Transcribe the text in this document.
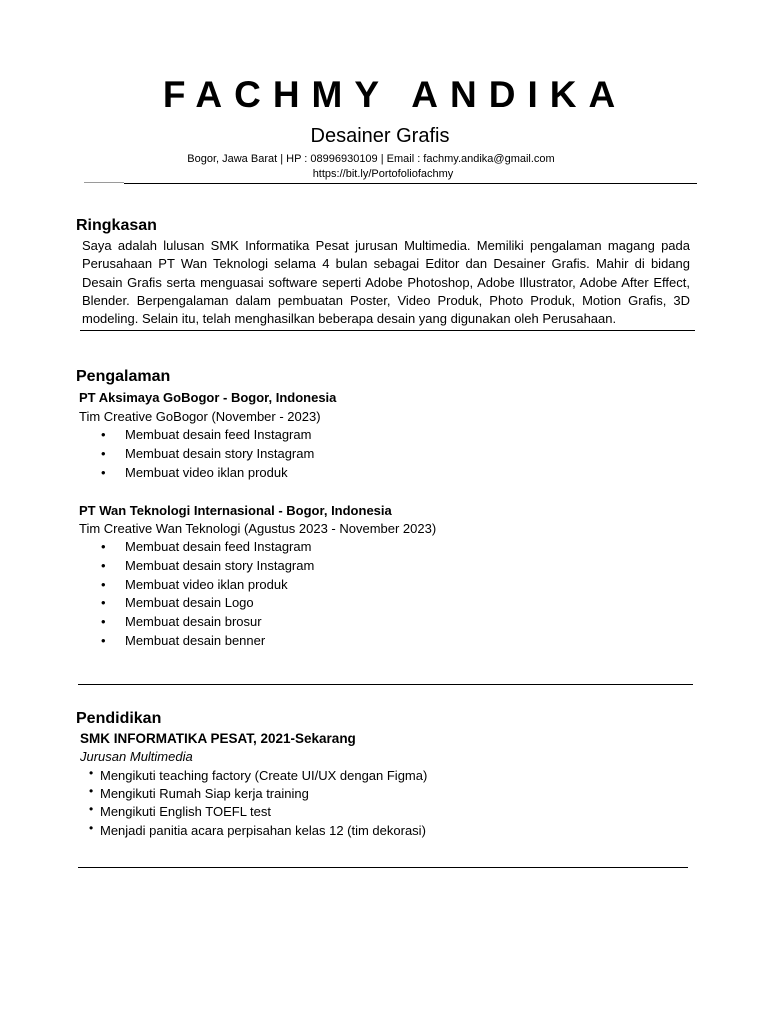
FACHMY ANDIKA
Desainer Grafis
Bogor, Jawa Barat | HP : 08996930109 | Email : fachmy.andika@gmail.com
https://bit.ly/Portofoliofachmy
Ringkasan
Saya adalah lulusan SMK Informatika Pesat jurusan Multimedia. Memiliki pengalaman magang pada Perusahaan PT Wan Teknologi selama 4 bulan sebagai Editor dan Desainer Grafis. Mahir di bidang Desain Grafis serta menguasai software seperti Adobe Photoshop, Adobe Illustrator, Adobe After Effect, Blender. Berpengalaman dalam pembuatan Poster, Video Produk, Photo Produk, Motion Grafis, 3D modeling. Selain itu, telah menghasilkan beberapa desain yang digunakan oleh Perusahaan.
Pengalaman
PT Aksimaya GoBogor - Bogor, Indonesia
Tim Creative GoBogor (November - 2023)
• Membuat desain feed Instagram
• Membuat desain story Instagram
• Membuat video iklan produk
PT Wan Teknologi Internasional - Bogor, Indonesia
Tim Creative Wan Teknologi (Agustus 2023 - November 2023)
• Membuat desain feed Instagram
• Membuat desain story Instagram
• Membuat video iklan produk
• Membuat desain Logo
• Membuat desain brosur
• Membuat desain benner
Pendidikan
SMK INFORMATIKA PESAT, 2021-Sekarang
Jurusan Multimedia
• Mengikuti teaching factory (Create UI/UX dengan Figma)
• Mengikuti Rumah Siap kerja training
• Mengikuti English TOEFL test
• Menjadi panitia acara perpisahan kelas 12 (tim dekorasi)
